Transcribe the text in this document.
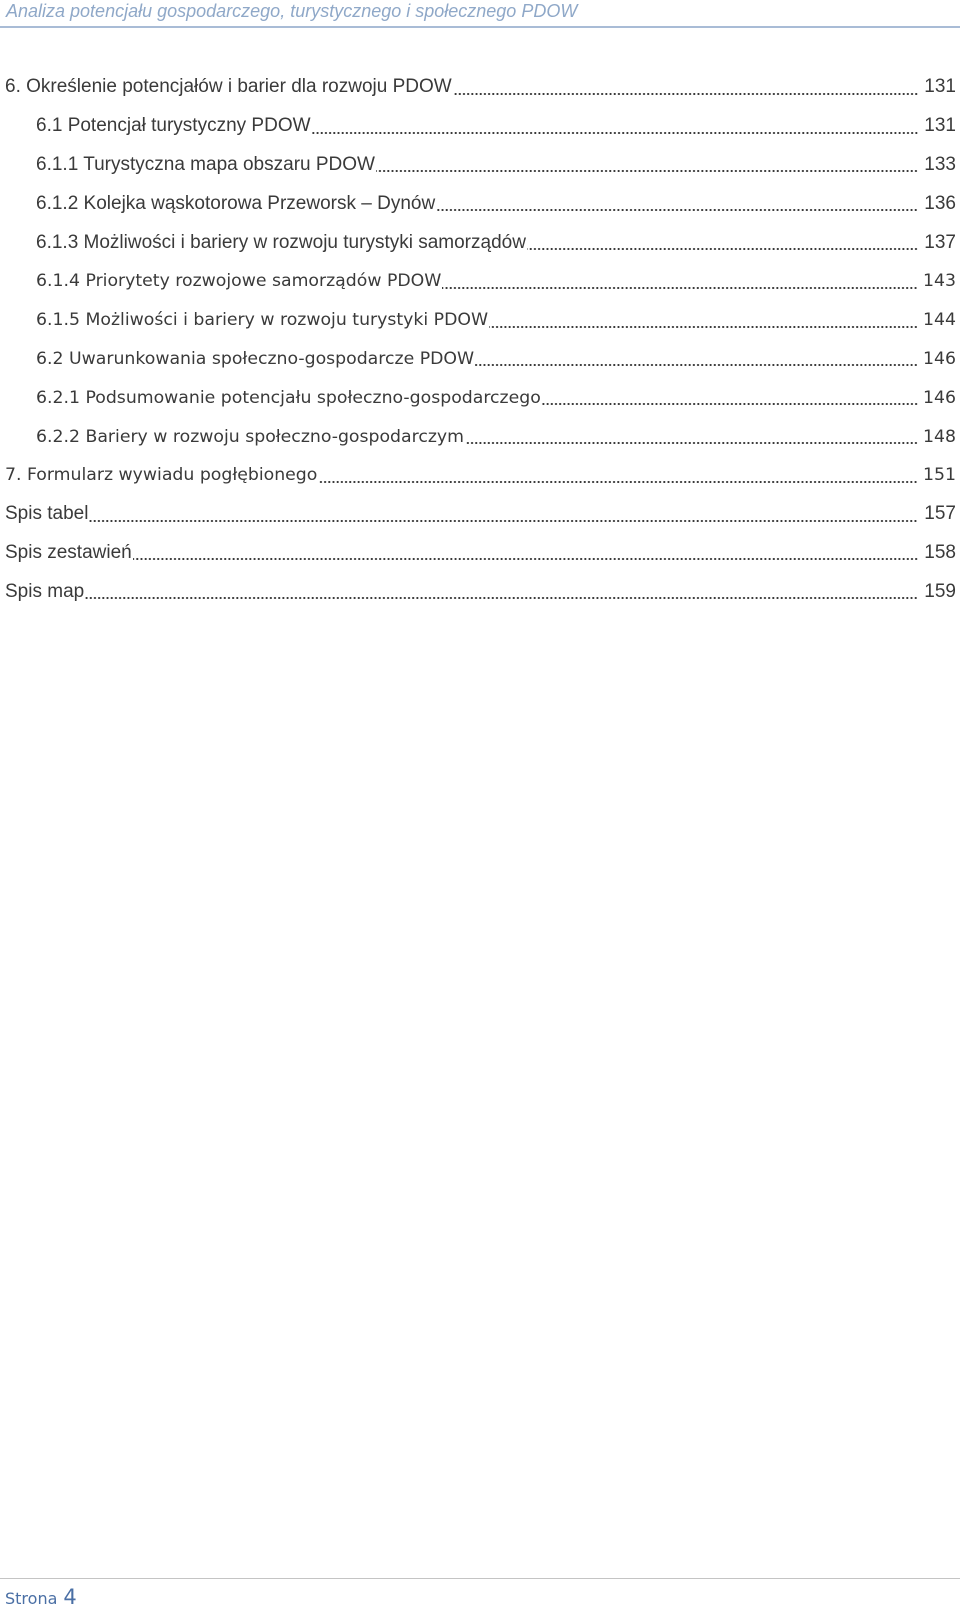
Analiza potencjału gospodarczego, turystycznego i społecznego PDOW
6. Określenie potencjałów i barier dla rozwoju PDOW	131
6.1 Potencjał turystyczny PDOW	131
6.1.1 Turystyczna mapa obszaru PDOW	133
6.1.2 Kolejka wąskotorowa Przeworsk – Dynów	136
6.1.3 Możliwości i bariery w rozwoju turystyki samorządów	137
6.1.4 Priorytety rozwojowe samorządów PDOW	143
6.1.5 Możliwości i bariery w rozwoju turystyki PDOW	144
6.2 Uwarunkowania społeczno-gospodarcze PDOW	146
6.2.1 Podsumowanie potencjału społeczno-gospodarczego	146
6.2.2 Bariery w rozwoju społeczno-gospodarczym	148
7. Formularz wywiadu pogłębionego	151
Spis tabel	157
Spis zestawień	158
Spis map	159
Strona 4
